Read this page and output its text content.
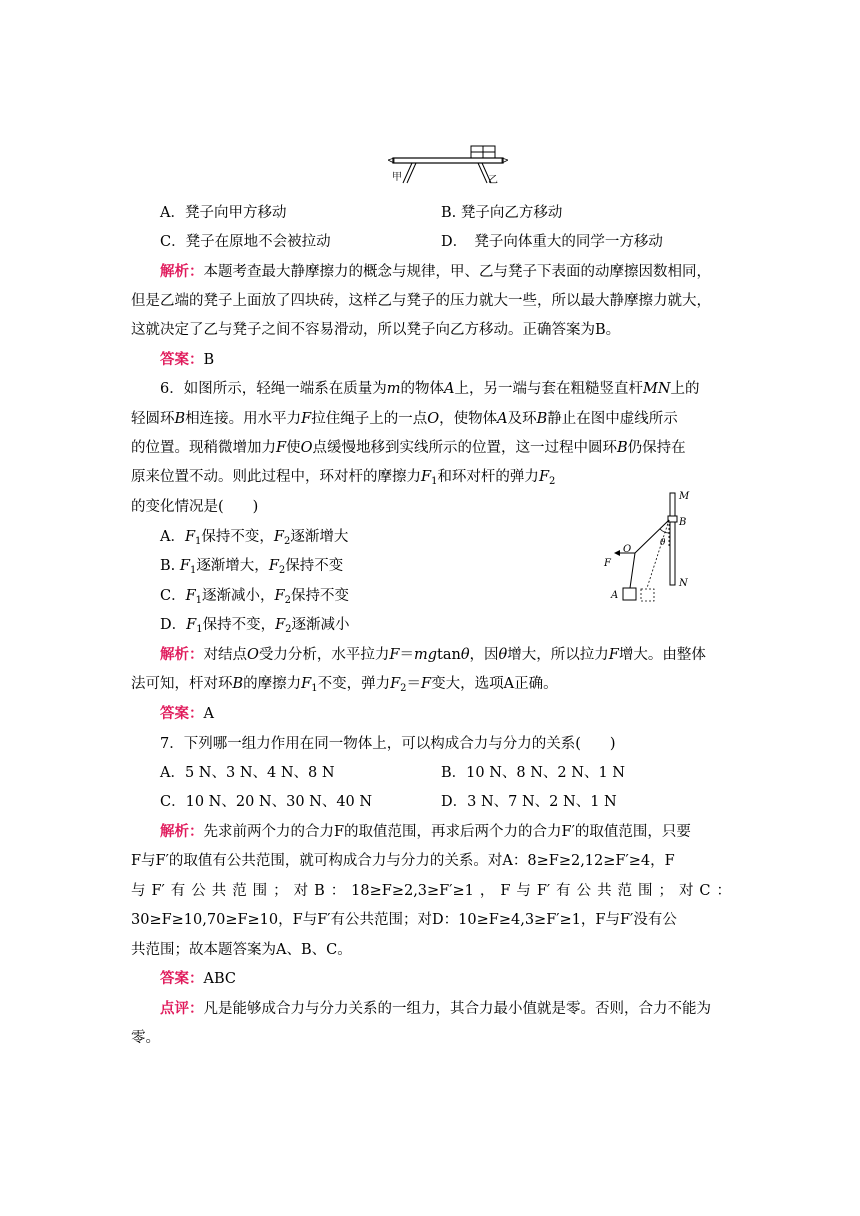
甲	乙
A．凳子向甲方移动	B. 凳子向乙方移动
C．凳子在原地不会被拉动	D．　凳子向体重大的同学一方移动
解析：本题考查最大静摩擦力的概念与规律，甲、乙与凳子下表面的动摩擦因数相同，
但是乙端的凳子上面放了四块砖，这样乙与凳子的压力就大一些，所以最大静摩擦力就大，
这就决定了乙与凳子之间不容易滑动，所以凳子向乙方移动。正确答案为B。
答案：B
6．如图所示，轻绳一端系在质量为m的物体A上，另一端与套在粗糙竖直杆MN上的
轻圆环B相连接。用水平力F拉住绳子上的一点O，使物体A及环B静止在图中虚线所示
的位置。现稍微增加力F使O点缓慢地移到实线所示的位置，这一过程中圆环B仍保持在
原来位置不动。则此过程中，环对杆的摩擦力$F_1$和环对杆的弹力$F_2$
的变化情况是(　　)
A．$F_1$保持不变，$F_2$逐渐增大
B. $F_1$逐渐增大，$F_2$保持不变
C．$F_1$逐渐减小，$F_2$保持不变
D．$F_1$保持不变，$F_2$逐渐减小
M
B
θ
O
F
A
N
解析：对结点O受力分析，水平拉力F＝mgtanθ，因θ增大，所以拉力F增大。由整体
法可知，杆对环B的摩擦力$F_1$不变，弹力$F_2=F$变大，选项A正确。
答案：A
7．下列哪一组力作用在同一物体上，可以构成合力与分力的关系(　　)
A．5 N、3 N、4 N、8 N	B．10 N、8 N、2 N、1 N
C．10 N、20 N、30 N、40 N	D．3 N、7 N、2 N、1 N
解析：先求前两个力的合力F的取值范围，再求后两个力的合力F′的取值范围，只要
F与F′的取值有公共范围，就可构成合力与分力的关系。对A：8≥F≥2,12≥F′≥4，F
与F′有公共范围；对B：18≥F≥2,3≥F′≥1，F与F′有公共范围；对C：
30≥F≥10,70≥F≥10，F与F′有公共范围；对D：10≥F≥4,3≥F′≥1，F与F′没有公
共范围；故本题答案为A、B、C。
答案：ABC
点评：凡是能够成合力与分力关系的一组力，其合力最小值就是零。否则，合力不能为
零。
